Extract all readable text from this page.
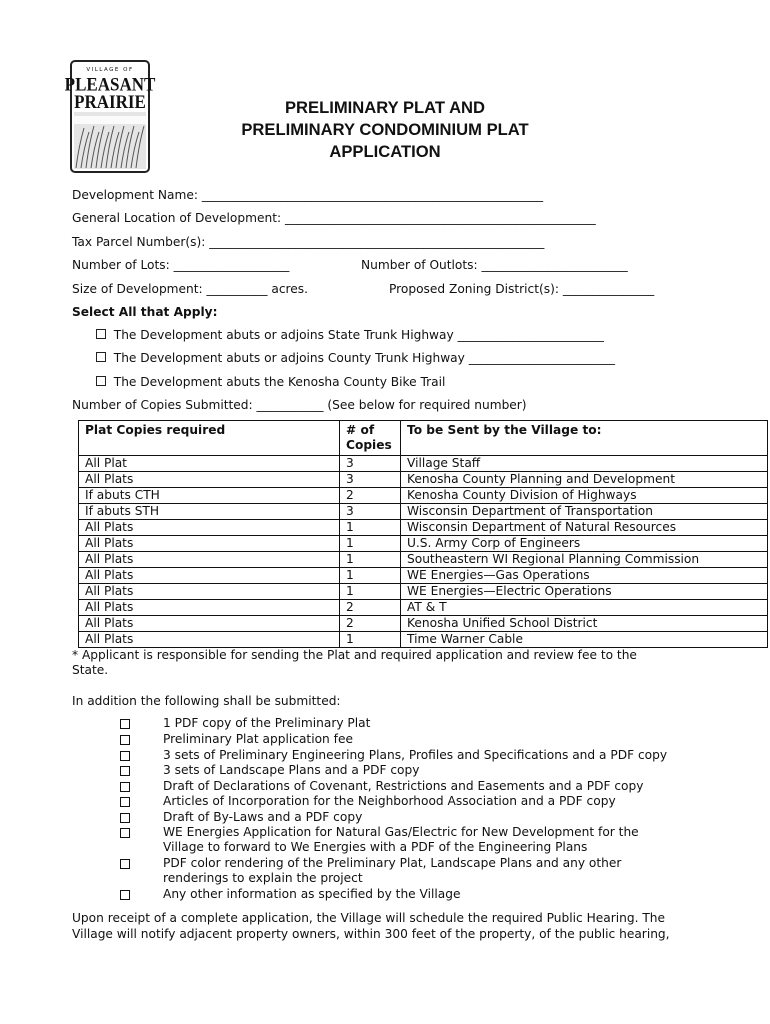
VILLAGE OF
PLEASANT
PRAIRIE	PRELIMINARY PLAT AND
PRELIMINARY CONDOMINIUM PLAT
APPLICATION
Development Name: ________________________________________________________
General Location of Development: ___________________________________________________
Tax Parcel Number(s): _______________________________________________________
Number of Lots: ___________________	Number of Outlots: ________________________
Size of Development: __________ acres.	Proposed Zoning District(s): _______________
Select All that Apply:
The Development abuts or adjoins State Trunk Highway ________________________
The Development abuts or adjoins County Trunk Highway ________________________
The Development abuts the Kenosha County Bike Trail
Number of Copies Submitted: ___________ (See below for required number)
Plat Copies required	# of Copies	To be Sent by the Village to:
All Plat	3	Village Staff
All Plats	3	Kenosha County Planning and Development
If abuts CTH	2	Kenosha County Division of Highways
If abuts STH	3	Wisconsin Department of Transportation
All Plats	1	Wisconsin Department of Natural Resources
All Plats	1	U.S. Army Corp of Engineers
All Plats	1	Southeastern WI Regional Planning Commission
All Plats	1	WE Energies—Gas Operations
All Plats	1	WE Energies—Electric Operations
All Plats	2	AT & T
All Plats	2	Kenosha Unified School District
All Plats	1	Time Warner Cable
* Applicant is responsible for sending the Plat and required application and review fee to the
State.
In addition the following shall be submitted:
1 PDF copy of the Preliminary Plat
Preliminary Plat application fee
3 sets of Preliminary Engineering Plans, Profiles and Specifications and a PDF copy
3 sets of Landscape Plans and a PDF copy
Draft of Declarations of Covenant, Restrictions and Easements and a PDF copy
Articles of Incorporation for the Neighborhood Association and a PDF copy
Draft of By-Laws and a PDF copy
WE Energies Application for Natural Gas/Electric for New Development for the
Village to forward to We Energies with a PDF of the Engineering Plans
PDF color rendering of the Preliminary Plat, Landscape Plans and any other
renderings to explain the project
Any other information as specified by the Village
Upon receipt of a complete application, the Village will schedule the required Public Hearing. The
Village will notify adjacent property owners, within 300 feet of the property, of the public hearing,
